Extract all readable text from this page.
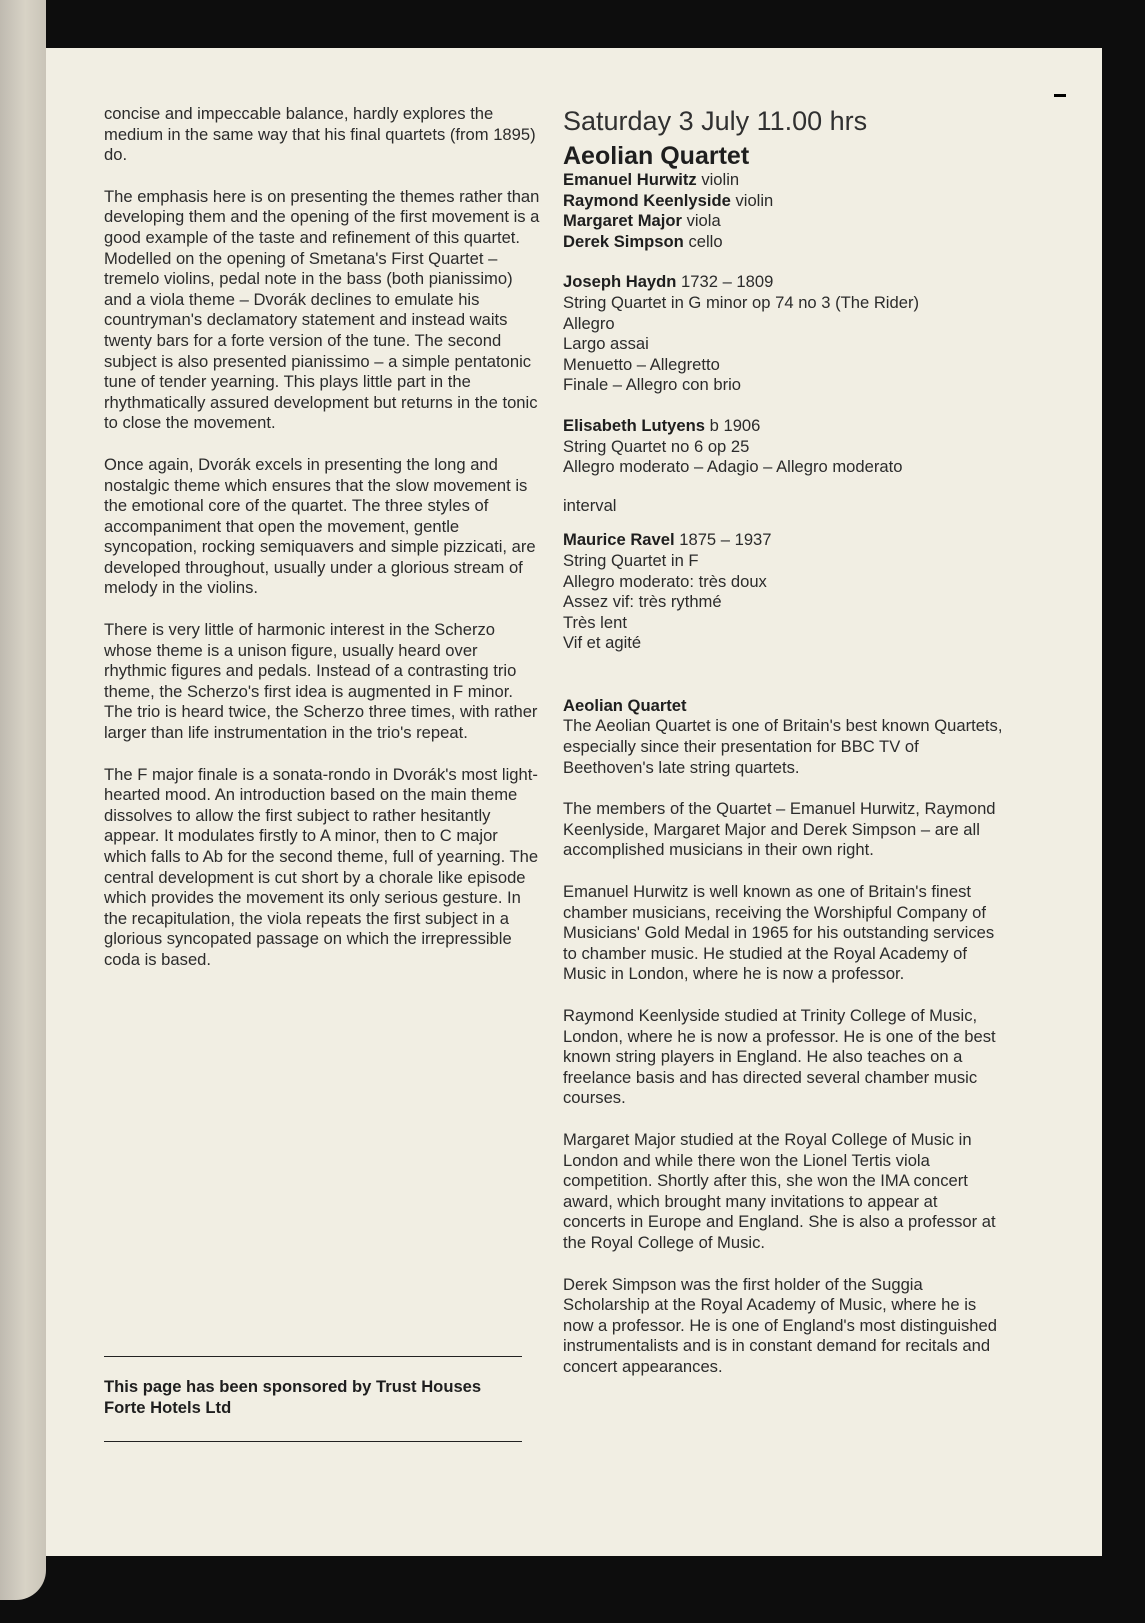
concise and impeccable balance, hardly explores the medium in the same way that his final quartets (from 1895) do.

The emphasis here is on presenting the themes rather than developing them and the opening of the first movement is a good example of the taste and refinement of this quartet. Modelled on the opening of Smetana's First Quartet – tremelo violins, pedal note in the bass (both pianissimo) and a viola theme – Dvorák declines to emulate his countryman's declamatory statement and instead waits twenty bars for a forte version of the tune. The second subject is also presented pianissimo – a simple pentatonic tune of tender yearning. This plays little part in the rhythmatically assured development but returns in the tonic to close the movement.

Once again, Dvorák excels in presenting the long and nostalgic theme which ensures that the slow movement is the emotional core of the quartet. The three styles of accompaniment that open the movement, gentle syncopation, rocking semiquavers and simple pizzicati, are developed throughout, usually under a glorious stream of melody in the violins.

There is very little of harmonic interest in the Scherzo whose theme is a unison figure, usually heard over rhythmic figures and pedals. Instead of a contrasting trio theme, the Scherzo's first idea is augmented in F minor. The trio is heard twice, the Scherzo three times, with rather larger than life instrumentation in the trio's repeat.

The F major finale is a sonata-rondo in Dvorák's most light-hearted mood. An introduction based on the main theme dissolves to allow the first subject to rather hesitantly appear. It modulates firstly to A minor, then to C major which falls to Ab for the second theme, full of yearning. The central development is cut short by a chorale like episode which provides the movement its only serious gesture. In the recapitulation, the viola repeats the first subject in a glorious syncopated passage on which the irrepressible coda is based.

This page has been sponsored by Trust Houses Forte Hotels Ltd
Saturday 3 July 11.00 hrs
Aeolian Quartet

Emanuel Hurwitz violin

Raymond Keenlyside violin

Margaret Major viola

Derek Simpson cello

Joseph Haydn 1732 – 1809

String Quartet in G minor op 74 no 3 (The Rider)

Allegro

Largo assai

Menuetto – Allegretto

Finale – Allegro con brio

Elisabeth Lutyens b 1906

String Quartet no 6 op 25

Allegro moderato – Adagio – Allegro moderato

interval

Maurice Ravel 1875 – 1937

String Quartet in F

Allegro moderato: très doux

Assez vif: très rythmé

Très lent

Vif et agité

Aeolian Quartet

The Aeolian Quartet is one of Britain's best known Quartets, especially since their presentation for BBC TV of Beethoven's late string quartets.

The members of the Quartet – Emanuel Hurwitz, Raymond Keenlyside, Margaret Major and Derek Simpson – are all accomplished musicians in their own right.

Emanuel Hurwitz is well known as one of Britain's finest chamber musicians, receiving the Worshipful Company of Musicians' Gold Medal in 1965 for his outstanding services to chamber music. He studied at the Royal Academy of Music in London, where he is now a professor.

Raymond Keenlyside studied at Trinity College of Music, London, where he is now a professor. He is one of the best known string players in England. He also teaches on a freelance basis and has directed several chamber music courses.

Margaret Major studied at the Royal College of Music in London and while there won the Lionel Tertis viola competition. Shortly after this, she won the IMA concert award, which brought many invitations to appear at concerts in Europe and England. She is also a professor at the Royal College of Music.

Derek Simpson was the first holder of the Suggia Scholarship at the Royal Academy of Music, where he is now a professor. He is one of England's most distinguished instrumentalists and is in constant demand for recitals and concert appearances.
